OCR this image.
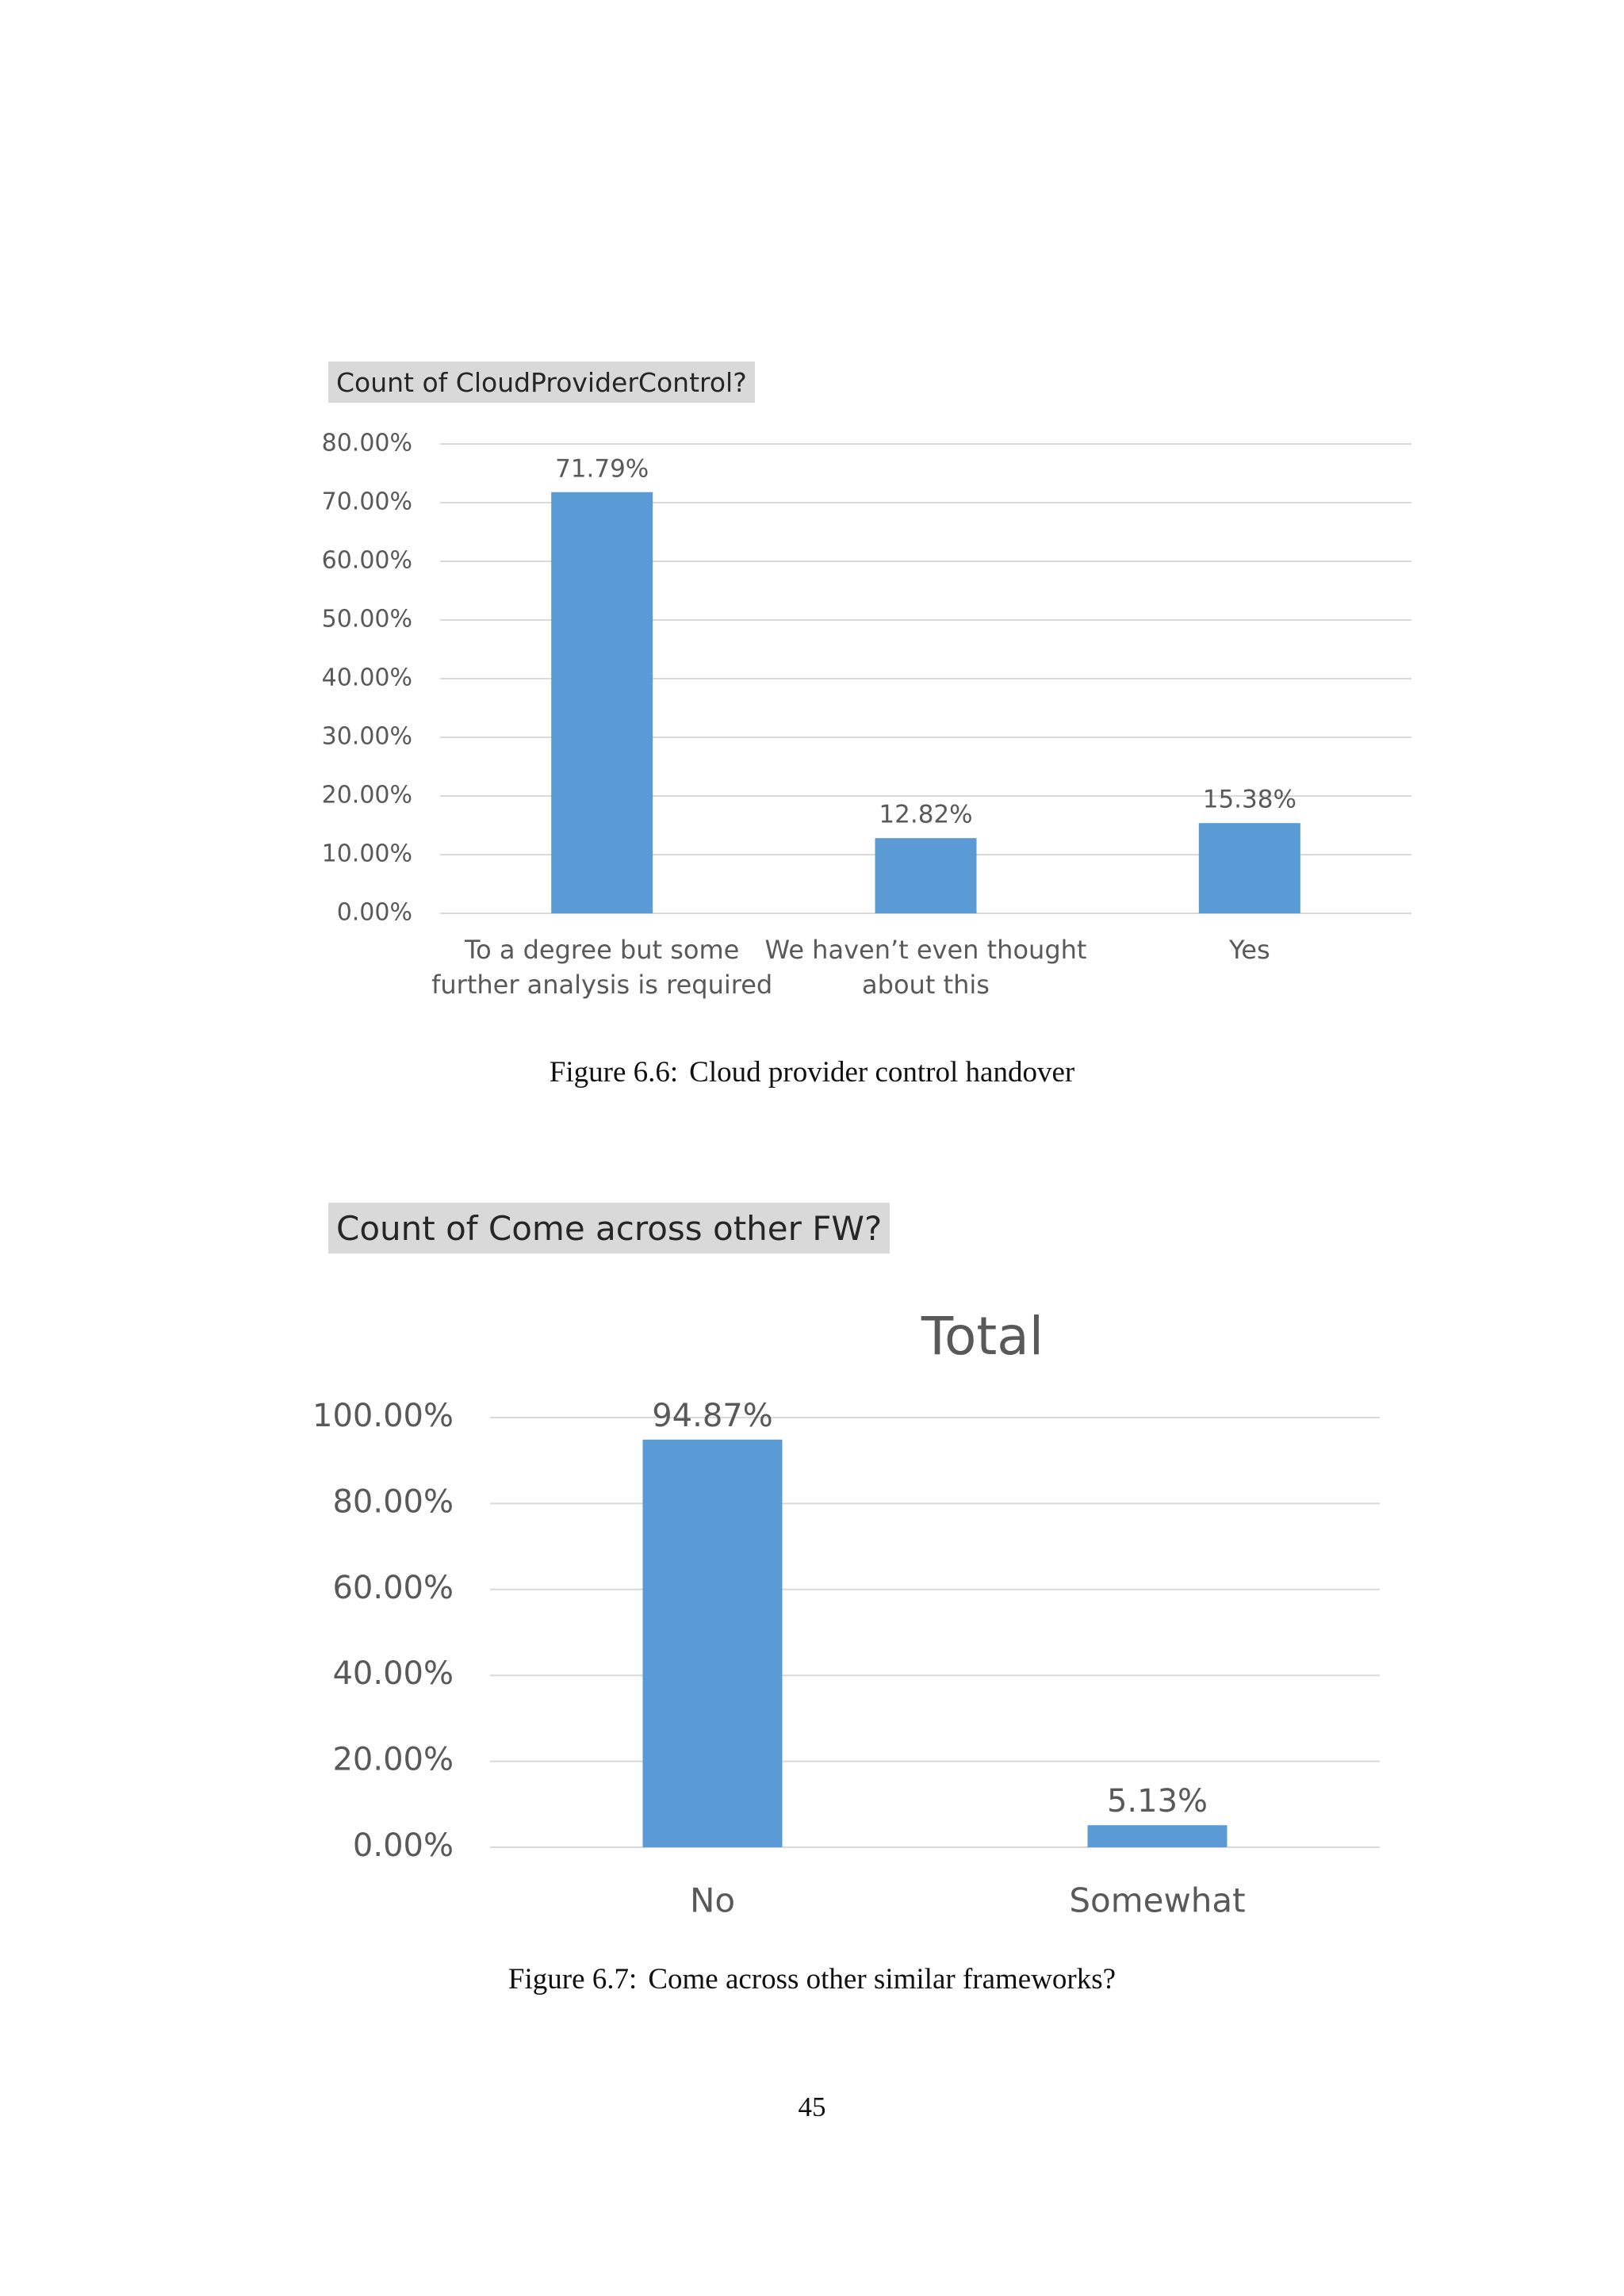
Count of CloudProviderControl?
0.00%
10.00%
20.00%
30.00%
40.00%
50.00%
60.00%
70.00%
80.00%
71.79%
To a degree but some
further analysis is required
12.82%
We haven’t even thought
about this
15.38%
Yes
Figure 6.6: Cloud provider control handover
Count of Come across other FW?
Total
0.00%
20.00%
40.00%
60.00%
80.00%
100.00%	94.87%
No
5.13%
Somewhat
Figure 6.7: Come across other similar frameworks?
45
